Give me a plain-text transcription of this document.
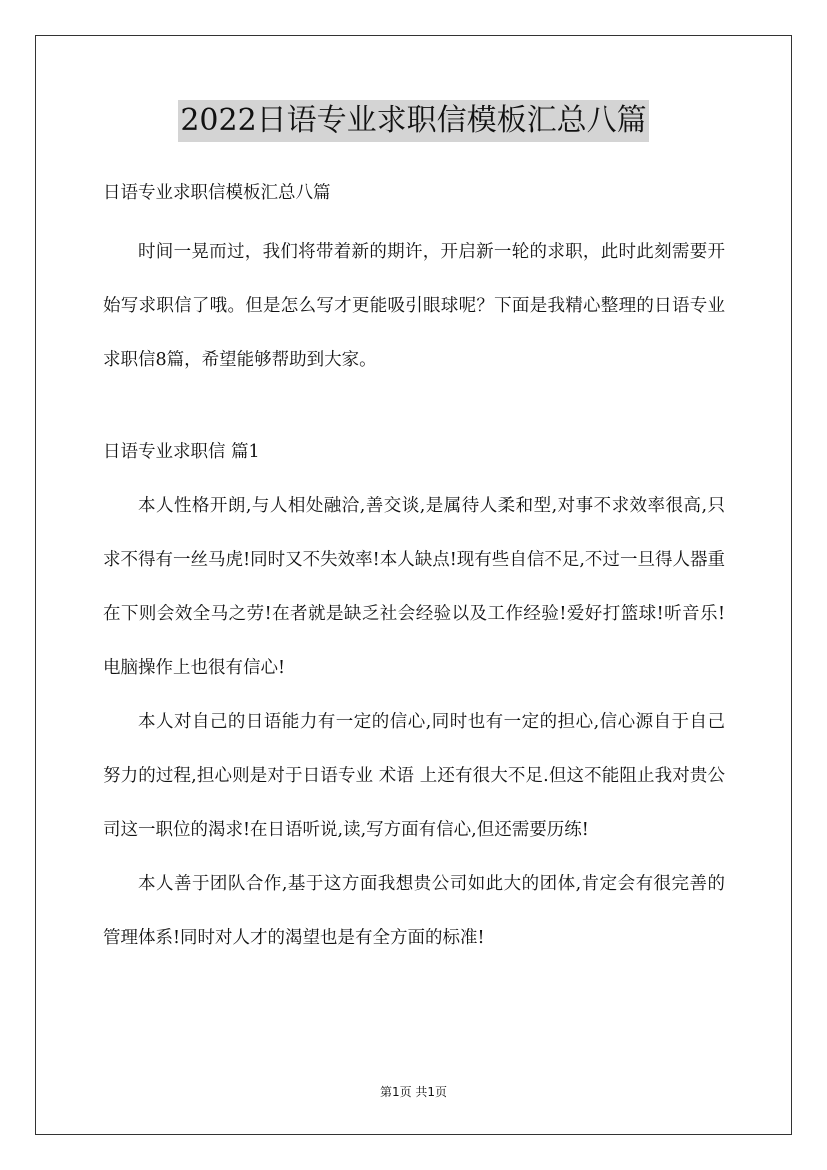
2022日语专业求职信模板汇总八篇

日语专业求职信模板汇总八篇

时间一晃而过，我们将带着新的期许，开启新一轮的求职，此时此刻需要开始写求职信了哦。但是怎么写才更能吸引眼球呢？下面是我精心整理的日语专业求职信8篇，希望能够帮助到大家。

日语专业求职信 篇1

本人性格开朗,与人相处融洽,善交谈,是属待人柔和型,对事不求效率很高,只求不得有一丝马虎!同时又不失效率!本人缺点!现有些自信不足,不过一旦得人器重在下则会效全马之劳!在者就是缺乏社会经验以及工作经验!爱好打篮球!听音乐!电脑操作上也很有信心!

本人对自己的日语能力有一定的信心,同时也有一定的担心,信心源自于自己努力的过程,担心则是对于日语专业 术语 上还有很大不足.但这不能阻止我对贵公司这一职位的渴求!在日语听说,读,写方面有信心,但还需要历练!

本人善于团队合作,基于这方面我想贵公司如此大的团体,肯定会有很完善的管理体系!同时对人才的渴望也是有全方面的标准!

第1页 共1页
